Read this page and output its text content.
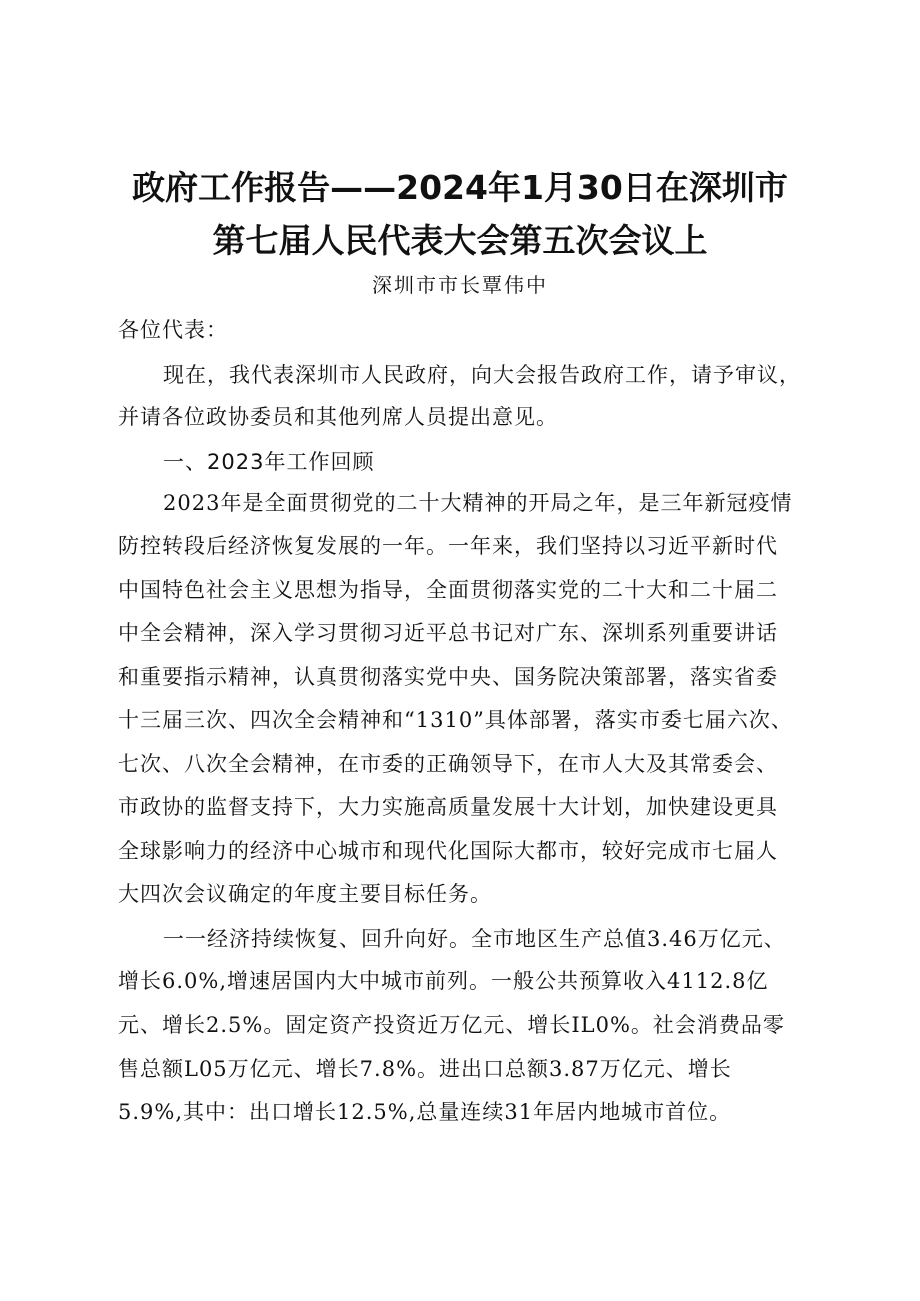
政府工作报告——2024年1月30日在深圳市
第七届人民代表大会第五次会议上
深圳市市长覃伟中
各位代表：
现在，我代表深圳市人民政府，向大会报告政府工作，请予审议，
并请各位政协委员和其他列席人员提出意见。
一、2023年工作回顾
2023年是全面贯彻党的二十大精神的开局之年，是三年新冠疫情
防控转段后经济恢复发展的一年。一年来，我们坚持以习近平新时代
中国特色社会主义思想为指导，全面贯彻落实党的二十大和二十届二
中全会精神，深入学习贯彻习近平总书记对广东、深圳系列重要讲话
和重要指示精神，认真贯彻落实党中央、国务院决策部署，落实省委
十三届三次、四次全会精神和“1310”具体部署，落实市委七届六次、
七次、八次全会精神，在市委的正确领导下，在市人大及其常委会、
市政协的监督支持下，大力实施高质量发展十大计划，加快建设更具
全球影响力的经济中心城市和现代化国际大都市，较好完成市七届人
大四次会议确定的年度主要目标任务。
一一经济持续恢复、回升向好。全市地区生产总值3.46万亿元、
增长6.0%,增速居国内大中城市前列。一般公共预算收入4112.8亿
元、增长2.5%。固定资产投资近万亿元、增长IL0%。社会消费品零
售总额L05万亿元、增长7.8%。进出口总额3.87万亿元、增长
5.9%,其中：出口增长12.5%,总量连续31年居内地城市首位。
